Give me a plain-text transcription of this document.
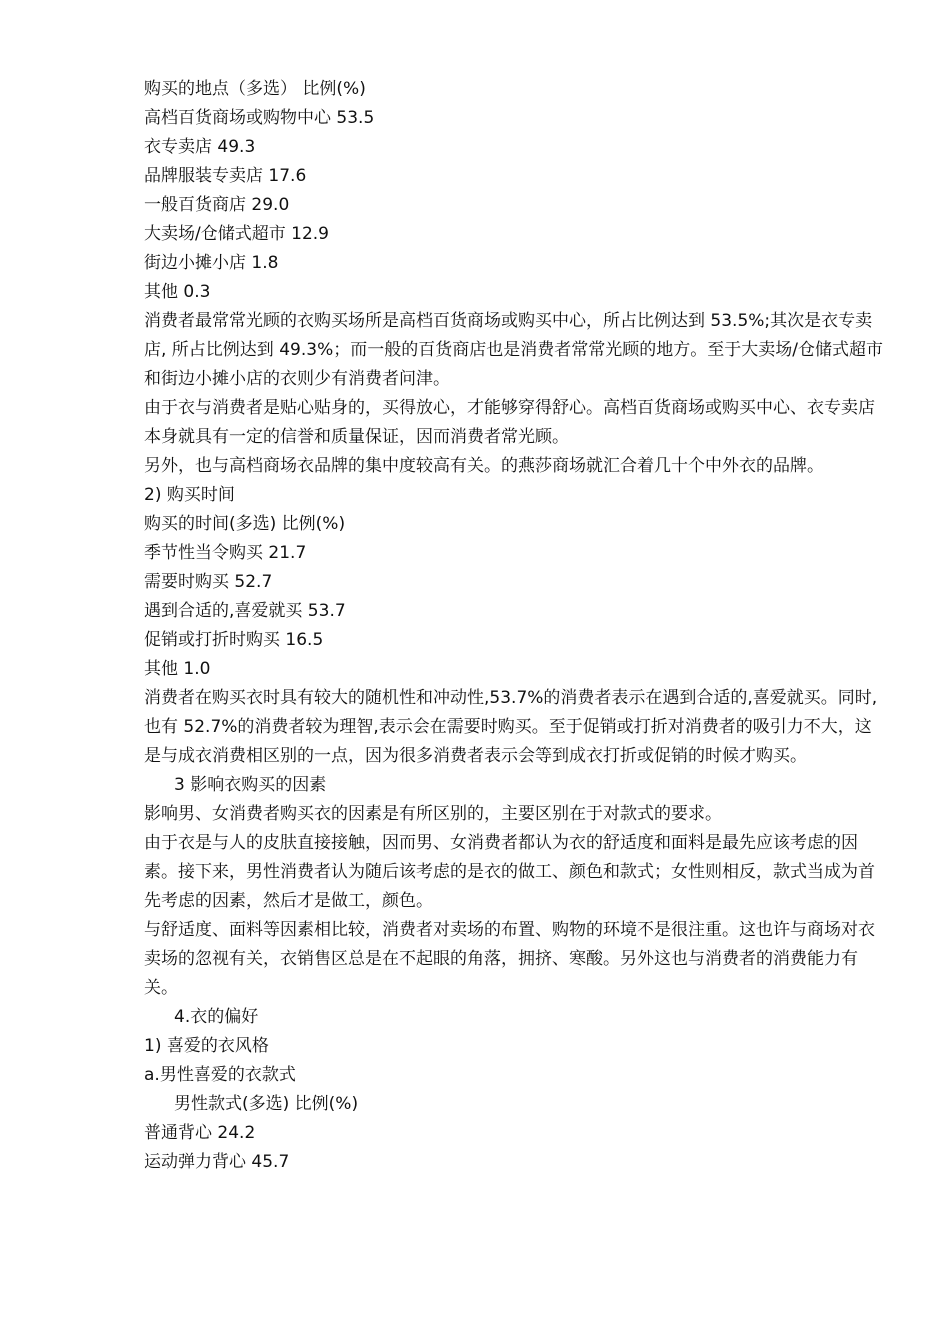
购买的地点（多选） 比例(%)

高档百货商场或购物中心 53.5

衣专卖店 49.3

品牌服装专卖店 17.6

一般百货商店 29.0

大卖场/仓储式超市 12.9

街边小摊小店 1.8

其他 0.3

消费者最常常光顾的衣购买场所是高档百货商场或购买中心，所占比例达到 53.5%;其次是衣专卖店, 所占比例达到 49.3%；而一般的百货商店也是消费者常常光顾的地方。至于大卖场/仓储式超市和街边小摊小店的衣则少有消费者问津。

由于衣与消费者是贴心贴身的，买得放心，才能够穿得舒心。高档百货商场或购买中心、衣专卖店本身就具有一定的信誉和质量保证，因而消费者常光顾。

另外，也与高档商场衣品牌的集中度较高有关。的燕莎商场就汇合着几十个中外衣的品牌。

2) 购买时间

购买的时间(多选) 比例(%)

季节性当令购买 21.7

需要时购买 52.7

遇到合适的,喜爱就买 53.7

促销或打折时购买 16.5

其他 1.0

消费者在购买衣时具有较大的随机性和冲动性,53.7%的消费者表示在遇到合适的,喜爱就买。同时,也有 52.7%的消费者较为理智,表示会在需要时购买。至于促销或打折对消费者的吸引力不大，这是与成衣消费相区别的一点，因为很多消费者表示会等到成衣打折或促销的时候才购买。

3 影响衣购买的因素

影响男、女消费者购买衣的因素是有所区别的，主要区别在于对款式的要求。

由于衣是与人的皮肤直接接触，因而男、女消费者都认为衣的舒适度和面料是最先应该考虑的因素。接下来，男性消费者认为随后该考虑的是衣的做工、颜色和款式；女性则相反，款式当成为首先考虑的因素，然后才是做工，颜色。

与舒适度、面料等因素相比较，消费者对卖场的布置、购物的环境不是很注重。这也许与商场对衣卖场的忽视有关，衣销售区总是在不起眼的角落，拥挤、寒酸。另外这也与消费者的消费能力有关。

4.衣的偏好

1) 喜爱的衣风格

a.男性喜爱的衣款式

男性款式(多选) 比例(%)

普通背心 24.2

运动弹力背心 45.7
